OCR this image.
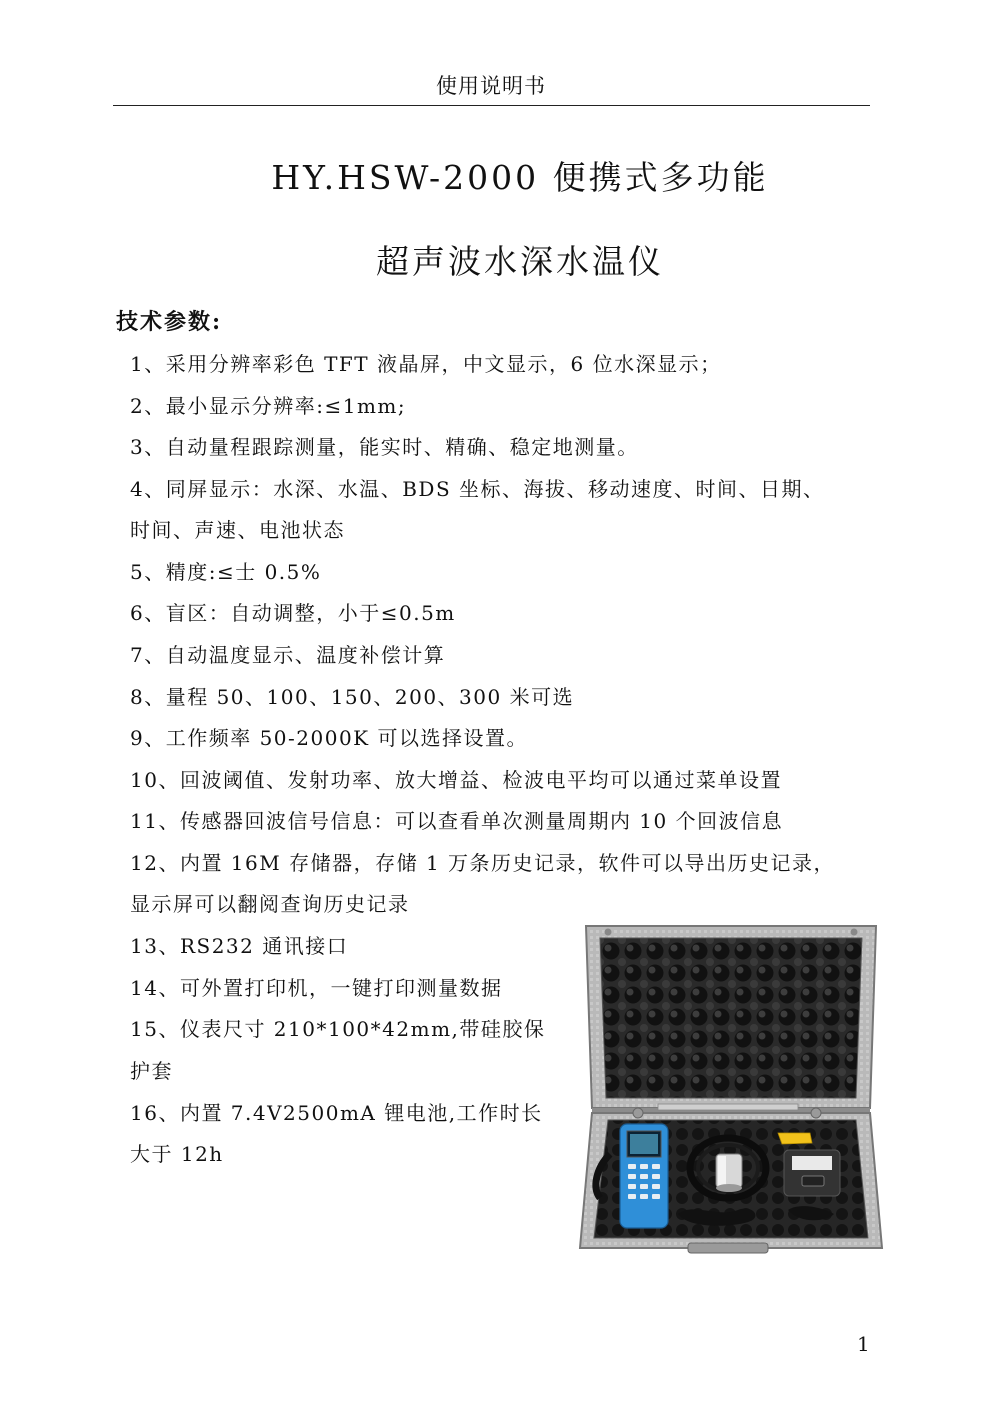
使用说明书
HY.HSW-2000 便携式多功能
超声波水深水温仪
技术参数:
1、采用分辨率彩色 TFT 液晶屏，中文显示，6 位水深显示；
2、最小显示分辨率:≤1mm;
3、自动量程跟踪测量，能实时、精确、稳定地测量。
4、同屏显示：水深、水温、BDS 坐标、海拔、移动速度、时间、日期、
时间、声速、电池状态
5、精度:≤士 0.5%
6、盲区：自动调整，小于≤0.5m
7、自动温度显示、温度补偿计算
8、量程 50、100、150、200、300 米可选
9、工作频率 50-2000K 可以选择设置。
10、回波阈值、发射功率、放大增益、检波电平均可以通过菜单设置
11、传感器回波信号信息：可以查看单次测量周期内 10 个回波信息
12、内置 16M 存储器，存储 1 万条历史记录，软件可以导出历史记录，
显示屏可以翻阅查询历史记录
13、RS232 通讯接口
14、可外置打印机，一键打印测量数据
15、仪表尺寸 210*100*42mm,带硅胶保
护套
16、内置 7.4V2500mA 锂电池,工作时长
大于 12h
1
